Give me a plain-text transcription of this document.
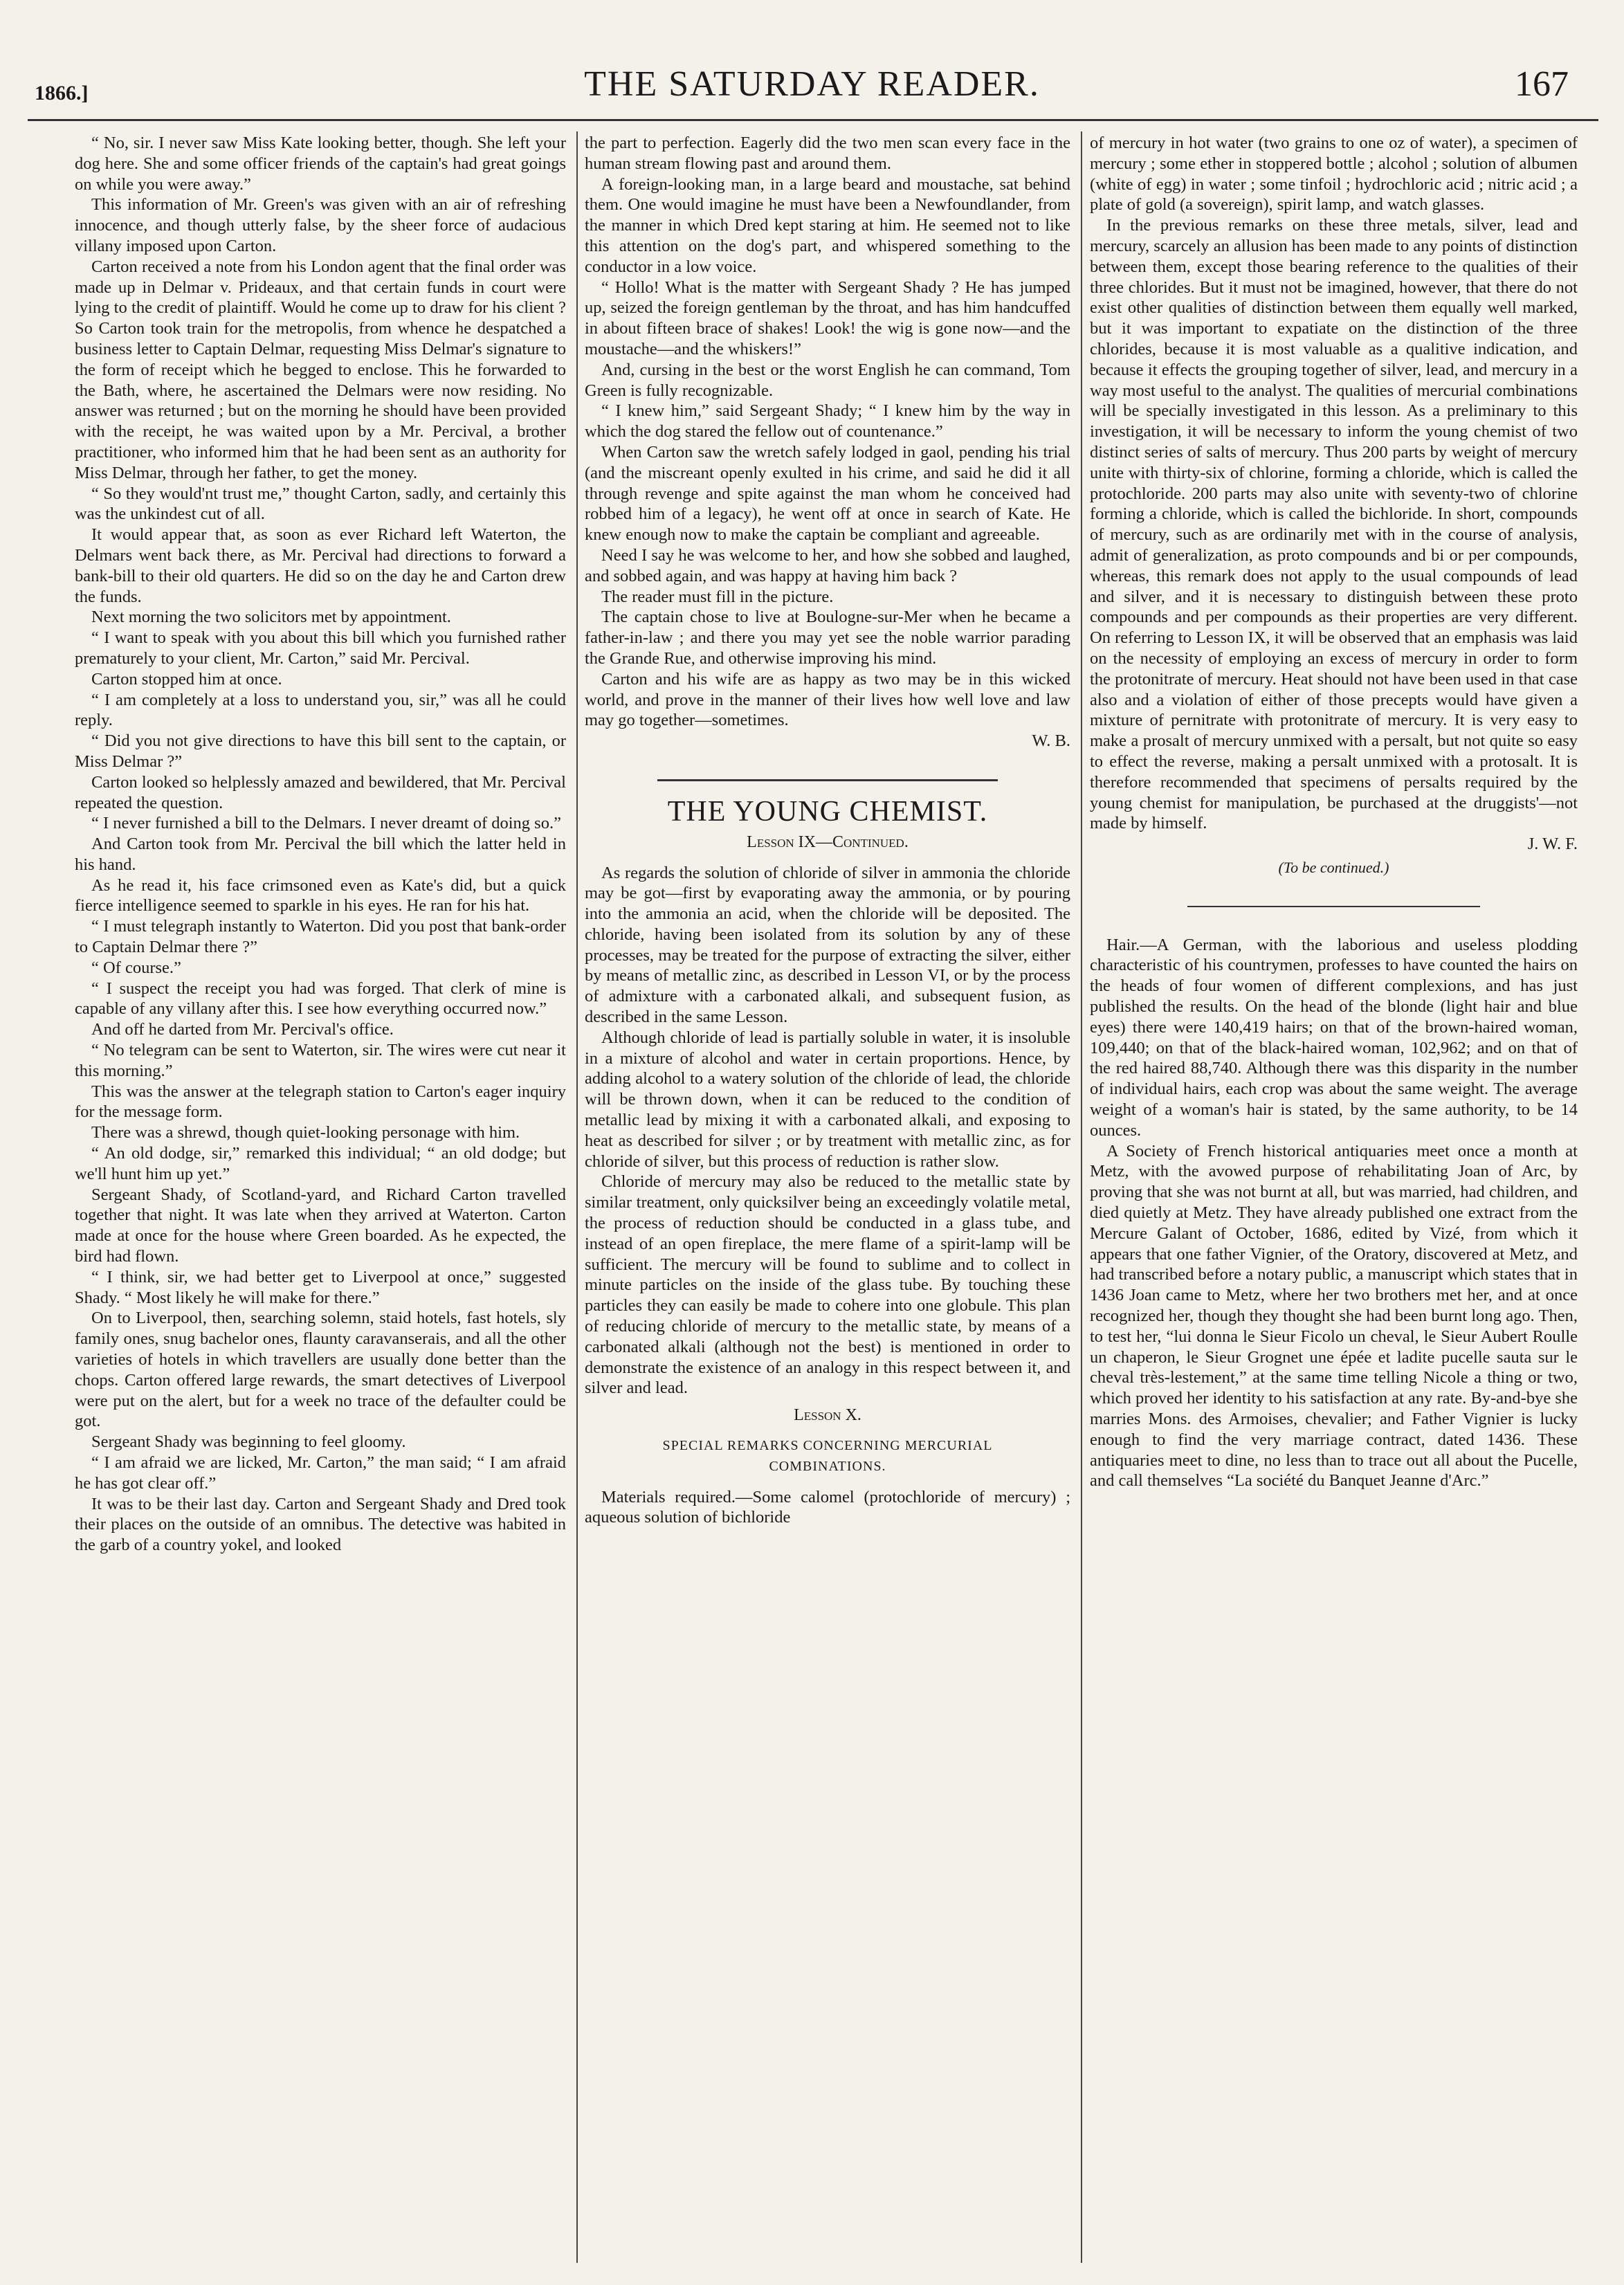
1866.]	THE SATURDAY READER.	167

“ No, sir. I never saw Miss Kate looking better, though. She left your dog here. She and some officer friends of the captain's had great goings on while you were away.”

This information of Mr. Green's was given with an air of refreshing innocence, and though utterly false, by the sheer force of audacious villany imposed upon Carton.

Carton received a note from his London agent that the final order was made up in Delmar v. Prideaux, and that certain funds in court were lying to the credit of plaintiff. Would he come up to draw for his client ? So Carton took train for the metropolis, from whence he despatched a business letter to Captain Delmar, requesting Miss Delmar's signature to the form of receipt which he begged to enclose. This he forwarded to the Bath, where, he ascertained the Delmars were now residing. No answer was returned ; but on the morning he should have been provided with the receipt, he was waited upon by a Mr. Percival, a brother practitioner, who informed him that he had been sent as an authority for Miss Delmar, through her father, to get the money.

“ So they would'nt trust me,” thought Carton, sadly, and certainly this was the unkindest cut of all.

It would appear that, as soon as ever Richard left Waterton, the Delmars went back there, as Mr. Percival had directions to forward a bank-bill to their old quarters. He did so on the day he and Carton drew the funds.

Next morning the two solicitors met by appointment.

“ I want to speak with you about this bill which you furnished rather prematurely to your client, Mr. Carton,” said Mr. Percival.

Carton stopped him at once.

“ I am completely at a loss to understand you, sir,” was all he could reply.

“ Did you not give directions to have this bill sent to the captain, or Miss Delmar ?”

Carton looked so helplessly amazed and bewildered, that Mr. Percival repeated the question.

“ I never furnished a bill to the Delmars. I never dreamt of doing so.”

And Carton took from Mr. Percival the bill which the latter held in his hand.

As he read it, his face crimsoned even as Kate's did, but a quick fierce intelligence seemed to sparkle in his eyes. He ran for his hat.

“ I must telegraph instantly to Waterton. Did you post that bank-order to Captain Delmar there ?”

“ Of course.”

“ I suspect the receipt you had was forged. That clerk of mine is capable of any villany after this. I see how everything occurred now.”

And off he darted from Mr. Percival's office.

“ No telegram can be sent to Waterton, sir. The wires were cut near it this morning.”

This was the answer at the telegraph station to Carton's eager inquiry for the message form.

There was a shrewd, though quiet-looking personage with him.

“ An old dodge, sir,” remarked this individual; “ an old dodge; but we'll hunt him up yet.”

Sergeant Shady, of Scotland-yard, and Richard Carton travelled together that night. It was late when they arrived at Waterton. Carton made at once for the house where Green boarded. As he expected, the bird had flown.

“ I think, sir, we had better get to Liverpool at once,” suggested Shady. “ Most likely he will make for there.”

On to Liverpool, then, searching solemn, staid hotels, fast hotels, sly family ones, snug bachelor ones, flaunty caravanserais, and all the other varieties of hotels in which travellers are usually done better than the chops. Carton offered large rewards, the smart detectives of Liverpool were put on the alert, but for a week no trace of the defaulter could be got.

Sergeant Shady was beginning to feel gloomy.

“ I am afraid we are licked, Mr. Carton,” the man said; “ I am afraid he has got clear off.”

It was to be their last day. Carton and Sergeant Shady and Dred took their places on the outside of an omnibus. The detective was habited in the garb of a country yokel, and looked

the part to perfection. Eagerly did the two men scan every face in the human stream flowing past and around them.

A foreign-looking man, in a large beard and moustache, sat behind them. One would imagine he must have been a Newfoundlander, from the manner in which Dred kept staring at him. He seemed not to like this attention on the dog's part, and whispered something to the conductor in a low voice.

“ Hollo! What is the matter with Sergeant Shady ? He has jumped up, seized the foreign gentleman by the throat, and has him handcuffed in about fifteen brace of shakes! Look! the wig is gone now—and the moustache—and the whiskers!”

And, cursing in the best or the worst English he can command, Tom Green is fully recognizable.

“ I knew him,” said Sergeant Shady; “ I knew him by the way in which the dog stared the fellow out of countenance.”

When Carton saw the wretch safely lodged in gaol, pending his trial (and the miscreant openly exulted in his crime, and said he did it all through revenge and spite against the man whom he conceived had robbed him of a legacy), he went off at once in search of Kate. He knew enough now to make the captain be compliant and agreeable.

Need I say he was welcome to her, and how she sobbed and laughed, and sobbed again, and was happy at having him back ?

The reader must fill in the picture.

The captain chose to live at Boulogne-sur-Mer when he became a father-in-law ; and there you may yet see the noble warrior parading the Grande Rue, and otherwise improving his mind.

Carton and his wife are as happy as two may be in this wicked world, and prove in the manner of their lives how well love and law may go together—sometimes.

W. B.
THE YOUNG CHEMIST.
Lesson IX—Continued.

As regards the solution of chloride of silver in ammonia the chloride may be got—first by evaporating away the ammonia, or by pouring into the ammonia an acid, when the chloride will be deposited. The chloride, having been isolated from its solution by any of these processes, may be treated for the purpose of extracting the silver, either by means of metallic zinc, as described in Lesson VI, or by the process of admixture with a carbonated alkali, and subsequent fusion, as described in the same Lesson.

Although chloride of lead is partially soluble in water, it is insoluble in a mixture of alcohol and water in certain proportions. Hence, by adding alcohol to a watery solution of the chloride of lead, the chloride will be thrown down, when it can be reduced to the condition of metallic lead by mixing it with a carbonated alkali, and exposing to heat as described for silver ; or by treatment with metallic zinc, as for chloride of silver, but this process of reduction is rather slow.

Chloride of mercury may also be reduced to the metallic state by similar treatment, only quicksilver being an exceedingly volatile metal, the process of reduction should be conducted in a glass tube, and instead of an open fireplace, the mere flame of a spirit-lamp will be sufficient. The mercury will be found to sublime and to collect in minute particles on the inside of the glass tube. By touching these particles they can easily be made to cohere into one globule. This plan of reducing chloride of mercury to the metallic state, by means of a carbonated alkali (although not the best) is mentioned in order to demonstrate the existence of an analogy in this respect between it, and silver and lead.

Lesson X.
SPECIAL REMARKS CONCERNING MERCURIAL COMBINATIONS.

Materials required.—Some calomel (protochloride of mercury) ; aqueous solution of bichloride

of mercury in hot water (two grains to one oz of water), a specimen of mercury ; some ether in stoppered bottle ; alcohol ; solution of albumen (white of egg) in water ; some tinfoil ; hydrochloric acid ; nitric acid ; a plate of gold (a sovereign), spirit lamp, and watch glasses.

In the previous remarks on these three metals, silver, lead and mercury, scarcely an allusion has been made to any points of distinction between them, except those bearing reference to the qualities of their three chlorides. But it must not be imagined, however, that there do not exist other qualities of distinction between them equally well marked, but it was important to expatiate on the distinction of the three chlorides, because it is most valuable as a qualitive indication, and because it effects the grouping together of silver, lead, and mercury in a way most useful to the analyst. The qualities of mercurial combinations will be specially investigated in this lesson. As a preliminary to this investigation, it will be necessary to inform the young chemist of two distinct series of salts of mercury. Thus 200 parts by weight of mercury unite with thirty-six of chlorine, forming a chloride, which is called the protochloride. 200 parts may also unite with seventy-two of chlorine forming a chloride, which is called the bichloride. In short, compounds of mercury, such as are ordinarily met with in the course of analysis, admit of generalization, as proto compounds and bi or per compounds, whereas, this remark does not apply to the usual compounds of lead and silver, and it is necessary to distinguish between these proto compounds and per compounds as their properties are very different. On referring to Lesson IX, it will be observed that an emphasis was laid on the necessity of employing an excess of mercury in order to form the protonitrate of mercury. Heat should not have been used in that case also and a violation of either of those precepts would have given a mixture of pernitrate with protonitrate of mercury. It is very easy to make a prosalt of mercury unmixed with a persalt, but not quite so easy to effect the reverse, making a persalt unmixed with a protosalt. It is therefore recommended that specimens of persalts required by the young chemist for manipulation, be purchased at the druggists'—not made by himself.

J. W. F.
(To be continued.)

Hair.—A German, with the laborious and useless plodding characteristic of his countrymen, professes to have counted the hairs on the heads of four women of different complexions, and has just published the results. On the head of the blonde (light hair and blue eyes) there were 140,419 hairs; on that of the brown-haired woman, 109,440; on that of the black-haired woman, 102,962; and on that of the red haired 88,740. Although there was this disparity in the number of individual hairs, each crop was about the same weight. The average weight of a woman's hair is stated, by the same authority, to be 14 ounces.

A Society of French historical antiquaries meet once a month at Metz, with the avowed purpose of rehabilitating Joan of Arc, by proving that she was not burnt at all, but was married, had children, and died quietly at Metz. They have already published one extract from the Mercure Galant of October, 1686, edited by Vizé, from which it appears that one father Vignier, of the Oratory, discovered at Metz, and had transcribed before a notary public, a manuscript which states that in 1436 Joan came to Metz, where her two brothers met her, and at once recognized her, though they thought she had been burnt long ago. Then, to test her, “lui donna le Sieur Ficolo un cheval, le Sieur Aubert Roulle un chaperon, le Sieur Grognet une épée et ladite pucelle sauta sur le cheval très-lestement,” at the same time telling Nicole a thing or two, which proved her identity to his satisfaction at any rate. By-and-bye she marries Mons. des Armoises, chevalier; and Father Vignier is lucky enough to find the very marriage contract, dated 1436. These antiquaries meet to dine, no less than to trace out all about the Pucelle, and call themselves “La société du Banquet Jeanne d'Arc.”
